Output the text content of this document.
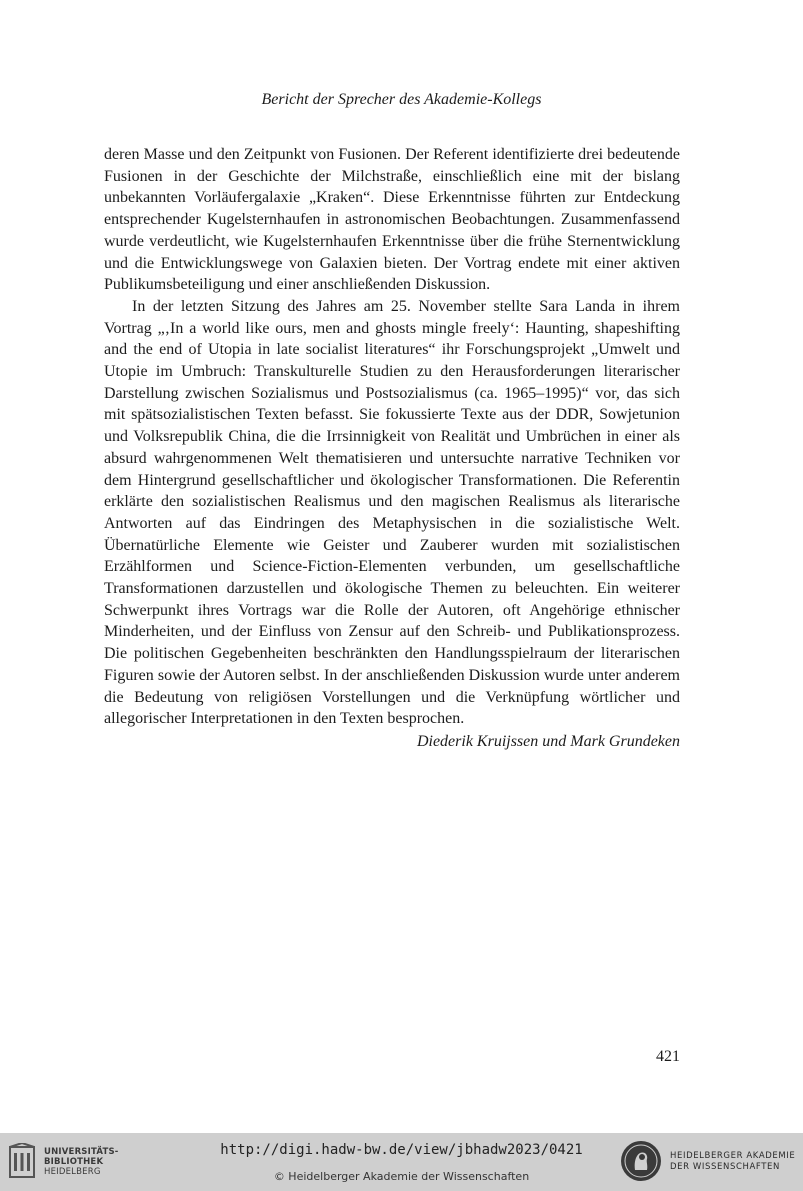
Bericht der Sprecher des Akademie-Kollegs

deren Masse und den Zeitpunkt von Fusionen. Der Referent identifizierte drei bedeutende Fusionen in der Geschichte der Milchstraße, einschließlich eine mit der bislang unbekannten Vorläufergalaxie „Kraken“. Diese Erkenntnisse führten zur Entdeckung entsprechender Kugelsternhaufen in astronomischen Beobachtungen. Zusammenfassend wurde verdeutlicht, wie Kugelsternhaufen Erkenntnisse über die frühe Sternentwicklung und die Entwicklungswege von Galaxien bieten. Der Vortrag endete mit einer aktiven Publikumsbeteiligung und einer anschließenden Diskussion.

In der letzten Sitzung des Jahres am 25. November stellte Sara Landa in ihrem Vortrag „‚In a world like ours, men and ghosts mingle freely‘: Haunting, shapeshifting and the end of Utopia in late socialist literatures“ ihr Forschungsprojekt „Umwelt und Utopie im Umbruch: Transkulturelle Studien zu den Herausforderungen literarischer Darstellung zwischen Sozialismus und Postsozialismus (ca. 1965–1995)“ vor, das sich mit spätsozialistischen Texten befasst. Sie fokussierte Texte aus der DDR, Sowjetunion und Volksrepublik China, die die Irrsinnigkeit von Realität und Umbrüchen in einer als absurd wahrgenommenen Welt thematisieren und untersuchte narrative Techniken vor dem Hintergrund gesellschaftlicher und ökologischer Transformationen. Die Referentin erklärte den sozialistischen Realismus und den magischen Realismus als literarische Antworten auf das Eindringen des Metaphysischen in die sozialistische Welt. Übernatürliche Elemente wie Geister und Zauberer wurden mit sozialistischen Erzählformen und Science-Fiction-Elementen verbunden, um gesellschaftliche Transformationen darzustellen und ökologische Themen zu beleuchten. Ein weiterer Schwerpunkt ihres Vortrags war die Rolle der Autoren, oft Angehörige ethnischer Minderheiten, und der Einfluss von Zensur auf den Schreib- und Publikationsprozess. Die politischen Gegebenheiten beschränkten den Handlungsspielraum der literarischen Figuren sowie der Autoren selbst. In der anschließenden Diskussion wurde unter anderem die Bedeutung von religiösen Vorstellungen und die Verknüpfung wörtlicher und allegorischer Interpretationen in den Texten besprochen.

Diederik Kruijssen und Mark Grundeken
421
UNIVERSITÄTS-
BIBLIOTHEK
HEIDELBERG
http://digi.hadw-bw.de/view/jbhadw2023/0421
© Heidelberger Akademie der Wissenschaften
HEIDELBERGER AKADEMIE
DER WISSENSCHAFTEN
